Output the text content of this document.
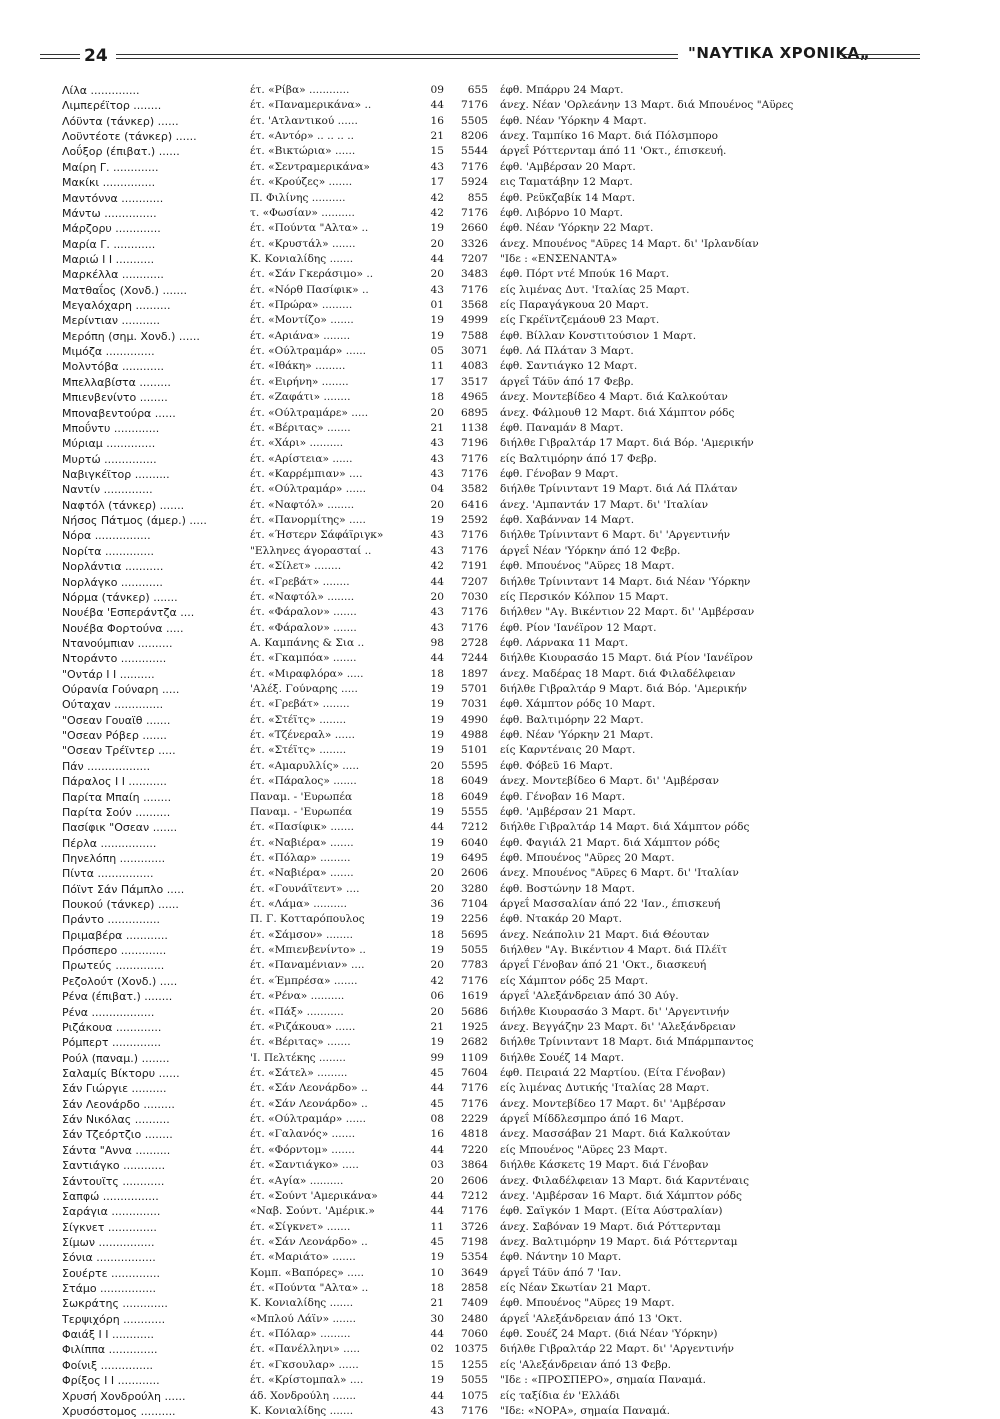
24	"ΝΑΥΤΙΚΑ ΧΡΟΝΙΚΑ„
Λίλα ..............	έτ. «Ρίβα» ............	09	655 έφθ. Μπάρρυ 24 Μαρτ.
Λιμπερέϊτορ ........	έτ. «Παναμερικάνα» ..	44	7176 άνεχ. Νέαν 'Ορλεάνην 13 Μαρτ. διά Μπουένος "Αϋρες
Λόϋντα (τάνκερ) ......	έτ. 'Ατλαντικού ......	16	5505 έφθ. Νέαν 'Υόρκην 4 Μαρτ.
Λοϋντέοτε (τάνκερ) ......	έτ. «Αντόρ» .. .. .. ..	21	8206 άνεχ. Ταμπίκο 16 Μαρτ. διά Πόλσμπορο
Λοΰξορ (έπιβατ.) ......	έτ. «Βικτώρια» ......	15	5544 άργεΐ Ρόττερνταμ άπό 11 'Οκτ., έπισκευή.
Μαίρη Γ. .............	έτ. «Σεντραμερικάνα»	43	7176 έφθ. 'Αμβέρσαν 20 Μαρτ.
Μακίκι ...............	έτ. «Κρούζες» .......	17	5924 εις Ταματάβην 12 Μαρτ.
Μαντόννα ............	Π. Φιλίνης ..........	42	855 έφθ. Ρεϋκζαβίκ 14 Μαρτ.
Μάντω ...............	τ. «Φωσίαν» ..........	42	7176 έφθ. Λιβόρνο 10 Μαρτ.
Μάρζορυ .............	έτ. «Πούντα "Αλτα» ..	19	2660 έφθ. Νέαν 'Υόρκην 22 Μαρτ.
Μαρία Γ. ............	έτ. «Κρυστάλ» .......	20	3326 άνεχ. Μπουένος "Αϋρες 14 Μαρτ. δι' 'Ιρλανδίαν
Μαριώ Ι Ι ...........	Κ. Κονιαλίδης .......	44	7207 "Ιδε : «ΕΝΣΕΝΑΝΤΑ»
Μαρκέλλα ............	έτ. «Σάν Γκεράσιμο» ..	20	3483 έφθ. Πόρτ ντέ Μπούκ 16 Μαρτ.
Ματθαΐος (Χονδ.) .......	έτ. «Νόρθ Πασίφικ» ..	43	7176 είς λιμένας Δυτ. 'Ιταλίας 25 Μαρτ.
Μεγαλόχαρη ..........	έτ. «Πρώρα» .........	01	3568 είς Παραγάγκουα 20 Μαρτ.
Μερίντιαν ...........	έτ. «Μοντίζο» .......	19	4999 είς Γκρέϊντζεμάουθ 23 Μαρτ.
Μερόπη (σημ. Χονδ.) ......	έτ. «Αριάνα» ........	19	7588 έφθ. Βίλλαν Κονστιτούσιον 1 Μαρτ.
Μιμόζα ..............	έτ. «Ούλτραμάρ» ......	05	3071 έφθ. Λά Πλάταν 3 Μαρτ.
Μολντόβα ............	έτ. «Ιθάκη» .........	11	4083 έφθ. Σαντιάγκο 12 Μαρτ.
Μπελλαβίστα .........	έτ. «Ειρήνη» ........	17	3517 άργεΐ Τάϋν άπό 17 Φεβρ.
Μπιενβενίντο ........	έτ. «Ζαφάτι» ........	18	4965 άνεχ. Μοντεβίδεο 4 Μαρτ. διά Καλκούταν
Μποναβεντούρα ......	έτ. «Ούλτραμάρε» .....	20	6895 άνεχ. Φάλμουθ 12 Μαρτ. διά Χάμπτον ρόδς
Μποΰντυ .............	έτ. «Βέριτας» .......	21	1138 έφθ. Παναμάν 8 Μαρτ.
Μύριαμ ..............	έτ. «Χάρι» ..........	43	7196 διήλθε Γιβραλτάρ 17 Μαρτ. διά Βόρ. 'Αμερικήν
Μυρτώ ...............	έτ. «Αρίστεια» ......	43	7176 είς Βαλτιμόρην άπό 17 Φεβρ.
Ναβιγκέϊτορ ..........	έτ. «Καρρέμπιαν» ....	43	7176 έφθ. Γένοβαν 9 Μαρτ.
Ναντίν ..............	έτ. «Ούλτραμάρ» ......	04	3582 διήλθε Τρίνινταντ 19 Μαρτ. διά Λά Πλάταν
Ναφτόλ (τάνκερ) .......	έτ. «Ναφτόλ» ........	20	6416 άνεχ. 'Αμπαντάν 17 Μαρτ. δι' 'Ιταλίαν
Νήσος Πάτμος (άμερ.) .....	έτ. «Πανορμίτης» .....	19	2592 έφθ. Χαβάνναν 14 Μαρτ.
Νόρα ................	έτ. «Ήστερν Σάφάϊριγκ»	43	7176 διήλθε Τρίνινταντ 6 Μαρτ. δι' 'Αργεντινήν
Νορίτα ..............	"Ελληνες άγορασταί ..	43	7176 άργεΐ Νέαν 'Υόρκην άπό 12 Φεβρ.
Νορλάντια ...........	έτ. «Σίλετ» ........	42	7191 έφθ. Μπουένος "Αϋρες 18 Μαρτ.
Νορλάγκο ............	έτ. «Γρεβάτ» ........	44	7207 διήλθε Τρίνινταντ 14 Μαρτ. διά Νέαν 'Υόρκην
Νόρμα (τάνκερ) .......	έτ. «Ναφτόλ» ........	20	7030 είς Περσικόν Κόλπον 15 Μαρτ.
Νουέβα 'Εσπεράντζα ....	έτ. «Φάραλον» .......	43	7176 διήλθεν "Αγ. Βικέντιον 22 Μαρτ. δι' 'Αμβέρσαν
Νουέβα Φορτούνα .....	έτ. «Φάραλον» .......	43	7176 έφθ. Ρίον 'Ιανέϊρον 12 Μαρτ.
Ντανούμπιαν ..........	Α. Καμπάνης & Σια ..	98	2728 έφθ. Λάρνακα 11 Μαρτ.
Ντοράντο .............	έτ. «Γκαμπόα» .......	44	7244 διήλθε Κιουρασάο 15 Μαρτ. διά Ρίον 'Ιανέϊρον
"Οντάρ Ι Ι ..........	έτ. «Μιραφλόρα» .....	18	1897 άνεχ. Μαδέρας 18 Μαρτ. διά Φιλαδέλφειαν
Ούρανία Γούναρη .....	'Αλέξ. Γούναρης .....	19	5701 διήλθε Γιβραλτάρ 9 Μαρτ. διά Βόρ. 'Αμερικήν
Ούταχαν ..............	έτ. «Γρεβάτ» ........	19	7031 έφθ. Χάμπτον ρόδς 10 Μαρτ.
"Οσεαν Γουαϊθ .......	έτ. «Στέϊτς» ........	19	4990 έφθ. Βαλτιμόρην 22 Μαρτ.
"Οσεαν Ρόβερ .......	έτ. «Τζένεραλ» ......	19	4988 έφθ. Νέαν 'Υόρκην 21 Μαρτ.
"Οσεαν Τρέϊντερ .....	έτ. «Στέϊτς» ........	19	5101 είς Καρντέναις 20 Μαρτ.
Πάν ..................	έτ. «Αμαρυλλίς» .....	20	5595 έφθ. Φόβεϋ 16 Μαρτ.
Πάραλος Ι Ι ...........	έτ. «Πάραλος» .......	18	6049 άνεχ. Μοντεβίδεο 6 Μαρτ. δι' 'Αμβέρσαν
Παρίτα Μπαίη ........	Παναμ. - 'Ευρωπέα	18	6049 έφθ. Γένοβαν 16 Μαρτ.
Παρίτα Σούν ..........	Παναμ. - 'Ευρωπέα	19	5555 έφθ. 'Αμβέρσαν 21 Μαρτ.
Πασίφικ "Οσεαν .......	έτ. «Πασίφικ» .......	44	7212 διήλθε Γιβραλτάρ 14 Μαρτ. διά Χάμπτον ρόδς
Πέρλα ................	έτ. «Ναβιέρα» .......	19	6040 έφθ. Φαγιάλ 21 Μαρτ. διά Χάμπτον ρόδς
Πηνελόπη .............	έτ. «Πόλαρ» .........	19	6495 έφθ. Μπουένος "Αϋρες 20 Μαρτ.
Πίντα ................	έτ. «Ναβιέρα» .......	20	2606 άνεχ. Μπουένος "Αϋρες 6 Μαρτ. δι' 'Ιταλίαν
Πόϊντ Σάν Πάμπλο .....	έτ. «Γουνάϊτεντ» ....	20	3280 έφθ. Βοστώνην 18 Μαρτ.
Πουκού (τάνκερ) ......	έτ. «Λάμα» ..........	36	7104 άργεΐ Μασσαλίαν άπό 22 'Ιαν., έπισκευή
Πράντο ...............	Π. Γ. Κοτταρόπουλος	19	2256 έφθ. Ντακάρ 20 Μαρτ.
Πριμαβέρα ............	έτ. «Σάμσον» ........	18	5695 άνεχ. Νεάπολιν 21 Μαρτ. διά Θέουταν
Πρόσπερο .............	έτ. «Μπιενβενίντο» ..	19	5055 διήλθεν "Αγ. Βικέντιον 4 Μαρτ. διά Πλέϊτ
Πρωτεύς ..............	έτ. «Παναμένιαν» ....	20	7783 άργεΐ Γένοβαν άπό 21 'Οκτ., διασκευή
Ρεζολούτ (Χονδ.) .....	έτ. «Έμπρέσα» .......	42	7176 είς Χάμπτον ρόδς 25 Μαρτ.
Ρένα (έπιβατ.) ........	έτ. «Ρένα» ..........	06	1619 άργεΐ 'Αλεξάνδρειαν άπό 30 Αύγ.
Ρένα ..................	έτ. «Πάξ» ...........	20	5686 διήλθε Κιουρασάο 3 Μαρτ. δι' 'Αργεντινήν
Ριζάκουα .............	έτ. «Ριζάκουα» ......	21	1925 άνεχ. Βεγγάζην 23 Μαρτ. δι' 'Αλεξάνδρειαν
Ρόμπερτ ..............	έτ. «Βέριτας» .......	19	2682 διήλθε Τρίνινταντ 18 Μαρτ. διά Μπάρμπαντος
Ρούλ (παναμ.) ........	'Ι. Πελτέκης ........	99	1109 διήλθε Σουέζ 14 Μαρτ.
Σαλαμίς Βίκτορυ ......	έτ. «Σάτελ» .........	45	7604 έφθ. Πειραιά 22 Μαρτίου. (Είτα Γένοβαν)
Σάν Γιώργιε ..........	έτ. «Σάν Λεονάρδο» ..	44	7176 είς λιμένας Δυτικής 'Ιταλίας 28 Μαρτ.
Σάν Λεονάρδο .........	έτ. «Σάν Λεονάρδο» ..	45	7176 άνεχ. Μοντεβίδεο 17 Μαρτ. δι' 'Αμβέρσαν
Σάν Νικόλας ..........	έτ. «Ούλτραμάρ» ......	08	2229 άργεΐ Μίδδλεσμπρο άπό 16 Μαρτ.
Σάν Τζεόρτζιο ........	έτ. «Γαλανός» .......	16	4818 άνεχ. Μασσάβαν 21 Μαρτ. διά Καλκούταν
Σάντα "Αννα ..........	έτ. «Φόρντομ» .......	44	7220 είς Μπουένος "Αϋρες 23 Μαρτ.
Σαντιάγκο ............	έτ. «Σαντιάγκο» .....	03	3864 διήλθε Κάσκετς 19 Μαρτ. διά Γένοβαν
Σάντουϊτς ............	έτ. «Αγία» ..........	20	2606 άνεχ. Φιλαδέλφειαν 13 Μαρτ. διά Καρντέναις
Σαπφώ ................	έτ. «Σούντ 'Αμερικάνα»	44	7212 άνεχ. 'Αμβέρσαν 16 Μαρτ. διά Χάμπτον ρόδς
Σαράγια ..............	«Ναβ. Σούντ. 'Αμέρικ.»	44	7176 έφθ. Σαϊγκόν 1 Μαρτ. (Είτα Αύστραλίαν)
Σίγκνετ ..............	έτ. «Σίγκνετ» .......	11	3726 άνεχ. Σαβόναν 19 Μαρτ. διά Ρόττερνταμ
Σίμων ................	έτ. «Σάν Λεονάρδο» ..	45	7198 άνεχ. Βαλτιμόρην 19 Μαρτ. διά Ρόττερνταμ
Σόνια .................	έτ. «Μαριάτο» .......	19	5354 έφθ. Νάντην 10 Μαρτ.
Σουέρτε ..............	Κομπ. «Βαπόρες» .....	10	3649 άργεΐ Τάϋν άπό 7 'Ιαν.
Στάμο ................	έτ. «Πούντα "Αλτα» ..	18	2858 είς Νέαν Σκωτίαν 21 Μαρτ.
Σωκράτης .............	Κ. Κονιαλίδης .......	21	7409 έφθ. Μπουένος "Αϋρες 19 Μαρτ.
Τερψιχόρη ............	«Μπλού Λάϊν» .......	30	2480 άργεΐ 'Αλεξάνδρειαν άπό 13 'Οκτ.
Φαιάξ Ι Ι ............	έτ. «Πόλαρ» .........	44	7060 έφθ. Σουέζ 24 Μαρτ. (διά Νέαν 'Υόρκην)
Φιλίππα ..............	έτ. «Πανέλληνι» .....	02 10375 διήλθε Γιβραλτάρ 22 Μαρτ. δι' 'Αργεντινήν
Φοίνιξ ...............	έτ. «Γκσουλαρ» ......	15	1255 είς 'Αλεξάνδρειαν άπό 13 Φεβρ.
Φρίξος Ι Ι ............	έτ. «Κρίστομπαλ» ....	19	5055 "Ιδε : «ΠΡΟΣΠΕΡΟ», σημαία Παναμά.
Χρυσή Χονδρούλη ......	άδ. Χονδρούλη .......	44	1075 είς ταξίδια έν 'Ελλάδι
Χρυσόστομος ..........	Κ. Κονιαλίδης .......	43	7176 "Ιδε: «ΝΟΡΑ», σημαία Παναμά.
